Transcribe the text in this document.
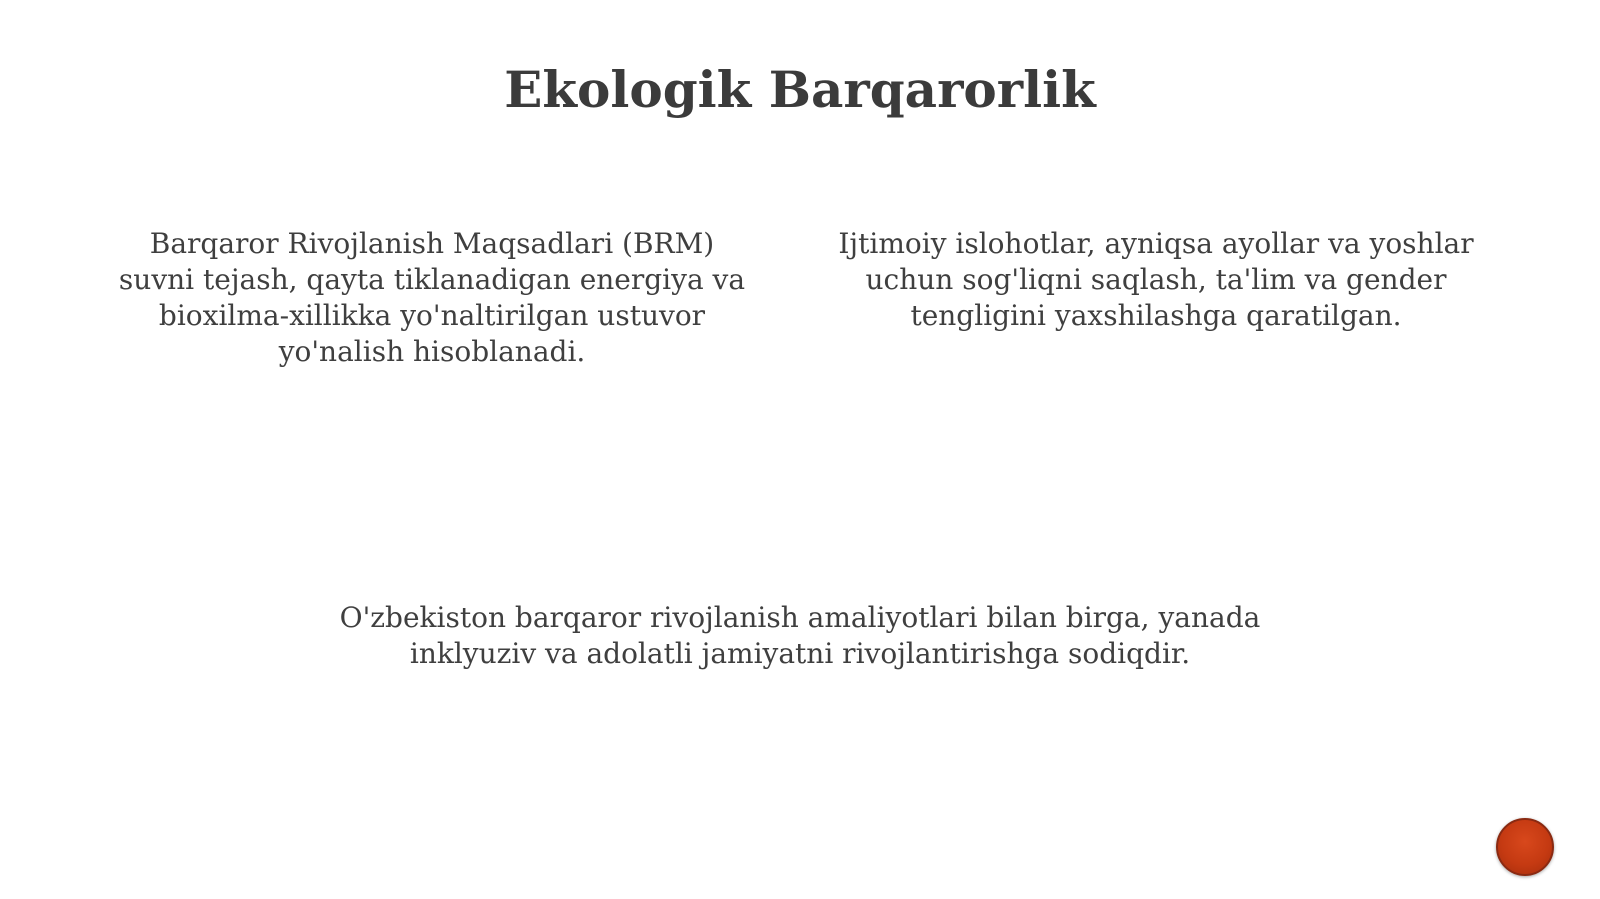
Ekologik Barqarorlik
Barqaror Rivojlanish Maqsadlari (BRM) suvni tejash, qayta tiklanadigan energiya va bioxilma-xillikka yo'naltirilgan ustuvor yo'nalish hisoblanadi.
Ijtimoiy islohotlar, ayniqsa ayollar va yoshlar uchun sog'liqni saqlash, ta'lim va gender tengligini yaxshilashga qaratilgan.
O'zbekiston barqaror rivojlanish amaliyotlari bilan birga, yanada inklyuziv va adolatli jamiyatni rivojlantirishga sodiqdir.
